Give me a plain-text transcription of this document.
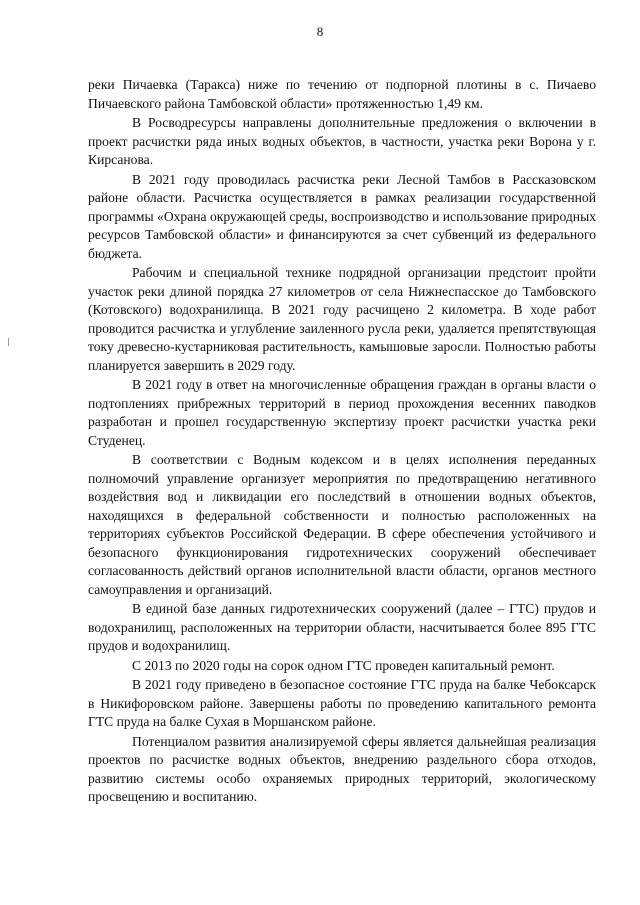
8

реки Пичаевка (Таракса) ниже по течению от подпорной плотины в с. Пичаево Пичаевского района Тамбовской области» протяженностью 1,49 км.

В Росводресурсы направлены дополнительные предложения о включении в проект расчистки ряда иных водных объектов, в частности, участка реки Ворона у г. Кирсанова.

В 2021 году проводилась расчистка реки Лесной Тамбов в Рассказовском районе области. Расчистка осуществляется в рамках реализации государственной программы «Охрана окружающей среды, воспроизводство и использование природных ресурсов Тамбовской области» и финансируются за счет субвенций из федерального бюджета.

Рабочим и специальной технике подрядной организации предстоит пройти участок реки длиной порядка 27 километров от села Нижнеспасское до Тамбовского (Котовского) водохранилища. В 2021 году расчищено 2 километра. В ходе работ проводится расчистка и углубление заиленного русла реки, удаляется препятствующая току древесно-кустарниковая растительность, камышовые заросли. Полностью работы планируется завершить в 2029 году.

В 2021 году в ответ на многочисленные обращения граждан в органы власти о подтоплениях прибрежных территорий в период прохождения весенних паводков разработан и прошел государственную экспертизу проект расчистки участка реки Студенец.

В соответствии с Водным кодексом и в целях исполнения переданных полномочий управление организует мероприятия по предотвращению негативного воздействия вод и ликвидации его последствий в отношении водных объектов, находящихся в федеральной собственности и полностью расположенных на территориях субъектов Российской Федерации. В сфере обеспечения устойчивого и безопасного функционирования гидротехнических сооружений обеспечивает согласованность действий органов исполнительной власти области, органов местного самоуправления и организаций.

В единой базе данных гидротехнических сооружений (далее – ГТС) прудов и водохранилищ, расположенных на территории области, насчитывается более 895 ГТС прудов и водохранилищ.

С 2013 по 2020 годы на сорок одном ГТС проведен капитальный ремонт.

В 2021 году приведено в безопасное состояние ГТС пруда на балке Чебоксарск в Никифоровском районе. Завершены работы по проведению капитального ремонта ГТС пруда на балке Сухая в Моршанском районе.

Потенциалом развития анализируемой сферы является дальнейшая реализация проектов по расчистке водных объектов, внедрению раздельного сбора отходов, развитию системы особо охраняемых природных территорий, экологическому просвещению и воспитанию.
